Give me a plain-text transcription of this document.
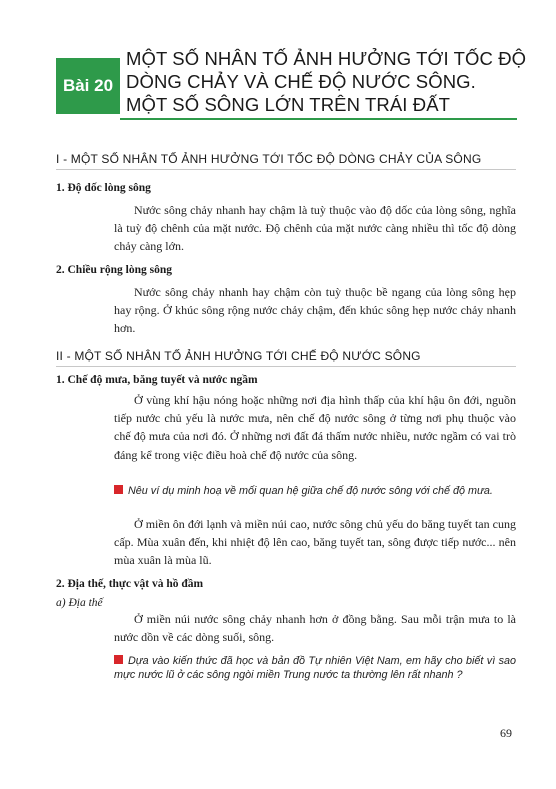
Bài 20
MỘT SỐ NHÂN TỐ ẢNH HƯỞNG TỚI TỐC ĐỘ
DÒNG CHẢY VÀ CHẾ ĐỘ NƯỚC SÔNG.
MỘT SỐ SÔNG LỚN TRÊN TRÁI ĐẤT
I - MỘT SỐ NHÂN TỐ ẢNH HƯỞNG TỚI TỐC ĐỘ DÒNG CHẢY CỦA SÔNG
1. Độ dốc lòng sông
Nước sông chảy nhanh hay chậm là tuỳ thuộc vào độ dốc của lòng sông, nghĩa là tuỳ độ chênh của mặt nước. Độ chênh của mặt nước càng nhiều thì tốc độ dòng chảy càng lớn.
2. Chiều rộng lòng sông
Nước sông chảy nhanh hay chậm còn tuỳ thuộc bề ngang của lòng sông hẹp hay rộng. Ở khúc sông rộng nước chảy chậm, đến khúc sông hẹp nước chảy nhanh hơn.
II - MỘT SỐ NHÂN TỐ ẢNH HƯỞNG TỚI CHẾ ĐỘ NƯỚC SÔNG
1. Chế độ mưa, băng tuyết và nước ngầm
Ở vùng khí hậu nóng hoặc những nơi địa hình thấp của khí hậu ôn đới, nguồn tiếp nước chủ yếu là nước mưa, nên chế độ nước sông ở từng nơi phụ thuộc vào chế độ mưa của nơi đó. Ở những nơi đất đá thấm nước nhiều, nước ngầm có vai trò đáng kể trong việc điều hoà chế độ nước của sông.
Nêu ví dụ minh hoạ về mối quan hệ giữa chế độ nước sông với chế độ mưa.
Ở miền ôn đới lạnh và miền núi cao, nước sông chủ yếu do băng tuyết tan cung cấp. Mùa xuân đến, khi nhiệt độ lên cao, băng tuyết tan, sông được tiếp nước... nên mùa xuân là mùa lũ.
2. Địa thế, thực vật và hồ đầm
a) Địa thế
Ở miền núi nước sông chảy nhanh hơn ở đồng bằng. Sau mỗi trận mưa to là nước dồn về các dòng suối, sông.
Dựa vào kiến thức đã học và bản đồ Tự nhiên Việt Nam, em hãy cho biết vì sao mực nước lũ ở các sông ngòi miền Trung nước ta thường lên rất nhanh ?
69
